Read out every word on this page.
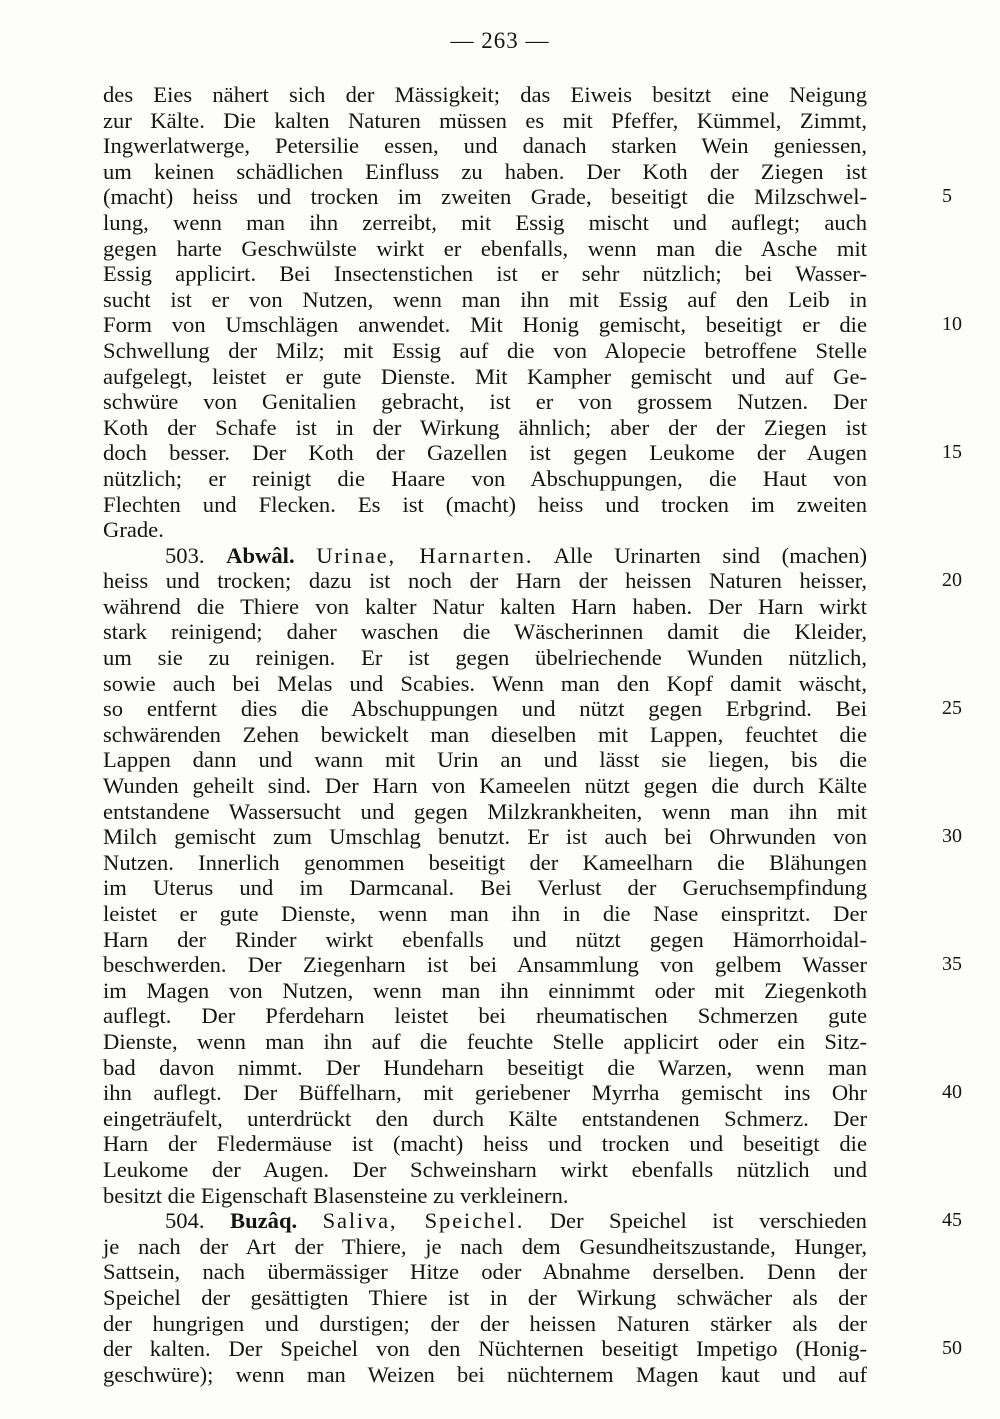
— 263 —
des Eies nähert sich der Mässigkeit; das Eiweis besitzt eine Neigung
zur Kälte. Die kalten Naturen müssen es mit Pfeffer, Kümmel, Zimmt,
Ingwerlatwerge, Petersilie essen, und danach starken Wein geniessen,
um keinen schädlichen Einfluss zu haben. Der Koth der Ziegen ist
(macht) heiss und trocken im zweiten Grade, beseitigt die Milzschwel-	5
lung, wenn man ihn zerreibt, mit Essig mischt und auflegt; auch
gegen harte Geschwülste wirkt er ebenfalls, wenn man die Asche mit
Essig applicirt. Bei Insectenstichen ist er sehr nützlich; bei Wasser-
sucht ist er von Nutzen, wenn man ihn mit Essig auf den Leib in
Form von Umschlägen anwendet. Mit Honig gemischt, beseitigt er die	10
Schwellung der Milz; mit Essig auf die von Alopecie betroffene Stelle
aufgelegt, leistet er gute Dienste. Mit Kampher gemischt und auf Ge-
schwüre von Genitalien gebracht, ist er von grossem Nutzen. Der
Koth der Schafe ist in der Wirkung ähnlich; aber der der Ziegen ist
doch besser. Der Koth der Gazellen ist gegen Leukome der Augen	15
nützlich; er reinigt die Haare von Abschuppungen, die Haut von
Flechten und Flecken. Es ist (macht) heiss und trocken im zweiten
Grade.
503. Abwâl. Urinae, Harnarten. Alle Urinarten sind (machen)
heiss und trocken; dazu ist noch der Harn der heissen Naturen heisser,	20
während die Thiere von kalter Natur kalten Harn haben. Der Harn wirkt
stark reinigend; daher waschen die Wäscherinnen damit die Kleider,
um sie zu reinigen. Er ist gegen übelriechende Wunden nützlich,
sowie auch bei Melas und Scabies. Wenn man den Kopf damit wäscht,
so entfernt dies die Abschuppungen und nützt gegen Erbgrind. Bei	25
schwärenden Zehen bewickelt man dieselben mit Lappen, feuchtet die
Lappen dann und wann mit Urin an und lässt sie liegen, bis die
Wunden geheilt sind. Der Harn von Kameelen nützt gegen die durch Kälte
entstandene Wassersucht und gegen Milzkrankheiten, wenn man ihn mit
Milch gemischt zum Umschlag benutzt. Er ist auch bei Ohrwunden von	30
Nutzen. Innerlich genommen beseitigt der Kameelharn die Blähungen
im Uterus und im Darmcanal. Bei Verlust der Geruchsempfindung
leistet er gute Dienste, wenn man ihn in die Nase einspritzt. Der
Harn der Rinder wirkt ebenfalls und nützt gegen Hämorrhoidal-
beschwerden. Der Ziegenharn ist bei Ansammlung von gelbem Wasser	35
im Magen von Nutzen, wenn man ihn einnimmt oder mit Ziegenkoth
auflegt. Der Pferdeharn leistet bei rheumatischen Schmerzen gute
Dienste, wenn man ihn auf die feuchte Stelle applicirt oder ein Sitz-
bad davon nimmt. Der Hundeharn beseitigt die Warzen, wenn man
ihn auflegt. Der Büffelharn, mit geriebener Myrrha gemischt ins Ohr	40
eingeträufelt, unterdrückt den durch Kälte entstandenen Schmerz. Der
Harn der Fledermäuse ist (macht) heiss und trocken und beseitigt die
Leukome der Augen. Der Schweinsharn wirkt ebenfalls nützlich und
besitzt die Eigenschaft Blasensteine zu verkleinern.
504. Buzâq. Saliva, Speichel. Der Speichel ist verschieden	45
je nach der Art der Thiere, je nach dem Gesundheitszustande, Hunger,
Sattsein, nach übermässiger Hitze oder Abnahme derselben. Denn der
Speichel der gesättigten Thiere ist in der Wirkung schwächer als der
der hungrigen und durstigen; der der heissen Naturen stärker als der
der kalten. Der Speichel von den Nüchternen beseitigt Impetigo (Honig-	50
geschwüre); wenn man Weizen bei nüchternem Magen kaut und auf
